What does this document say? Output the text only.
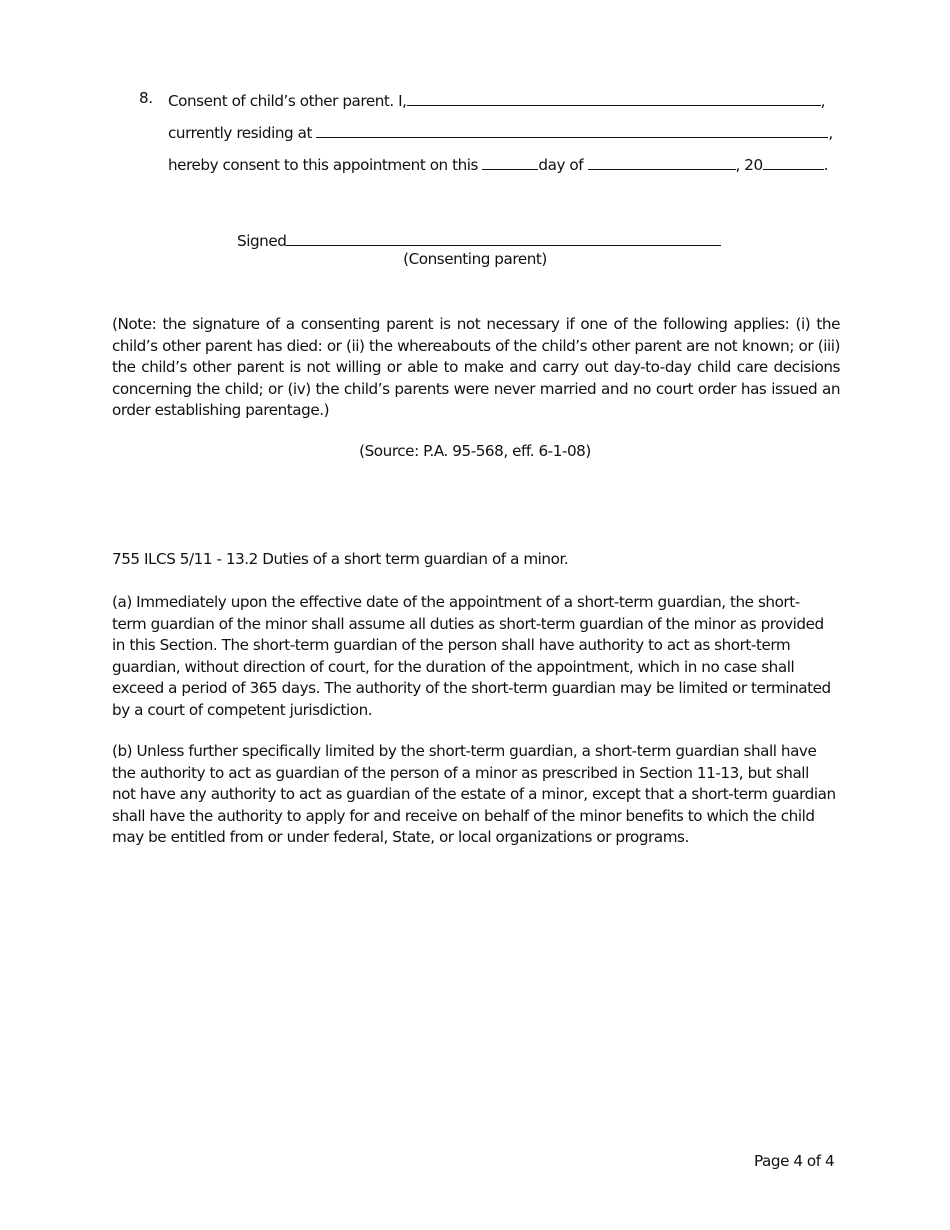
8. Consent of child’s other parent. I,	,
currently residing at	,
hereby consent to this appointment on this	day of	, 20	.
Signed
(Consenting parent)
(Note: the signature of a consenting parent is not necessary if one of the following applies: (i) the child’s other parent has died: or (ii) the whereabouts of the child’s other parent are not known; or (iii) the child’s other parent is not willing or able to make and carry out day-to-day child care decisions concerning the child; or (iv) the child’s parents were never married and no court order has issued an order establishing parentage.)
(Source: P.A. 95-568, eff. 6-1-08)
755 ILCS 5/11 - 13.2 Duties of a short term guardian of a minor.
(a) Immediately upon the effective date of the appointment of a short-term guardian, the short-term guardian of the minor shall assume all duties as short-term guardian of the minor as provided in this Section. The short-term guardian of the person shall have authority to act as short-term guardian, without direction of court, for the duration of the appointment, which in no case shall exceed a period of 365 days. The authority of the short-term guardian may be limited or terminated by a court of competent jurisdiction.
(b) Unless further specifically limited by the short-term guardian, a short-term guardian shall have the authority to act as guardian of the person of a minor as prescribed in Section 11-13, but shall not have any authority to act as guardian of the estate of a minor, except that a short-term guardian shall have the authority to apply for and receive on behalf of the minor benefits to which the child may be entitled from or under federal, State, or local organizations or programs.
Page 4 of 4
